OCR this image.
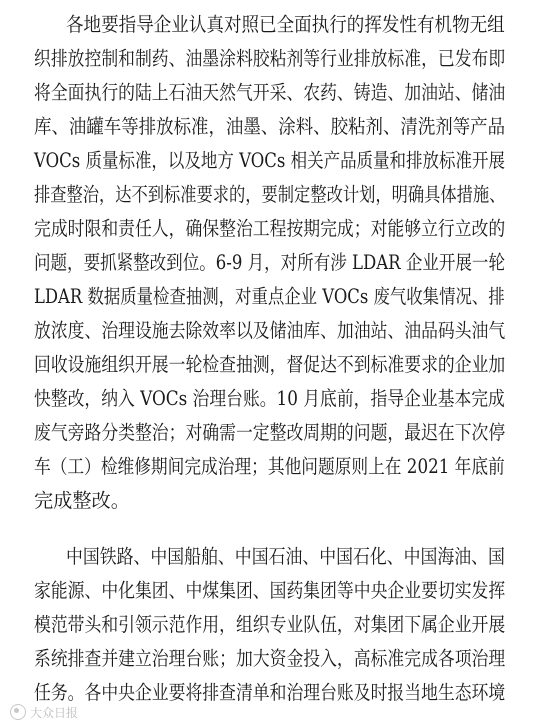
各地要指导企业认真对照已全面执行的挥发性有机物无组
织排放控制和制药、油墨涂料胶粘剂等行业排放标准，已发布即
将全面执行的陆上石油天然气开采、农药、铸造、加油站、储油
库、油罐车等排放标准，油墨、涂料、胶粘剂、清洗剂等产品
VOCs 质量标准，以及地方 VOCs 相关产品质量和排放标准开展
排查整治，达不到标准要求的，要制定整改计划，明确具体措施、
完成时限和责任人，确保整治工程按期完成；对能够立行立改的
问题，要抓紧整改到位。6-9 月，对所有涉 LDAR 企业开展一轮
LDAR 数据质量检查抽测，对重点企业 VOCs 废气收集情况、排
放浓度、治理设施去除效率以及储油库、加油站、油品码头油气
回收设施组织开展一轮检查抽测，督促达不到标准要求的企业加
快整改，纳入 VOCs 治理台账。10 月底前，指导企业基本完成
废气旁路分类整治；对确需一定整改周期的问题，最迟在下次停
车（工）检维修期间完成治理；其他问题原则上在 2021 年底前
完成整改。
中国铁路、中国船舶、中国石油、中国石化、中国海油、国
家能源、中化集团、中煤集团、国药集团等中央企业要切实发挥
模范带头和引领示范作用，组织专业队伍，对集团下属企业开展
系统排查并建立治理台账；加大资金投入，高标准完成各项治理
任务。各中央企业要将排查清单和治理台账及时报当地生态环境
大众日报
